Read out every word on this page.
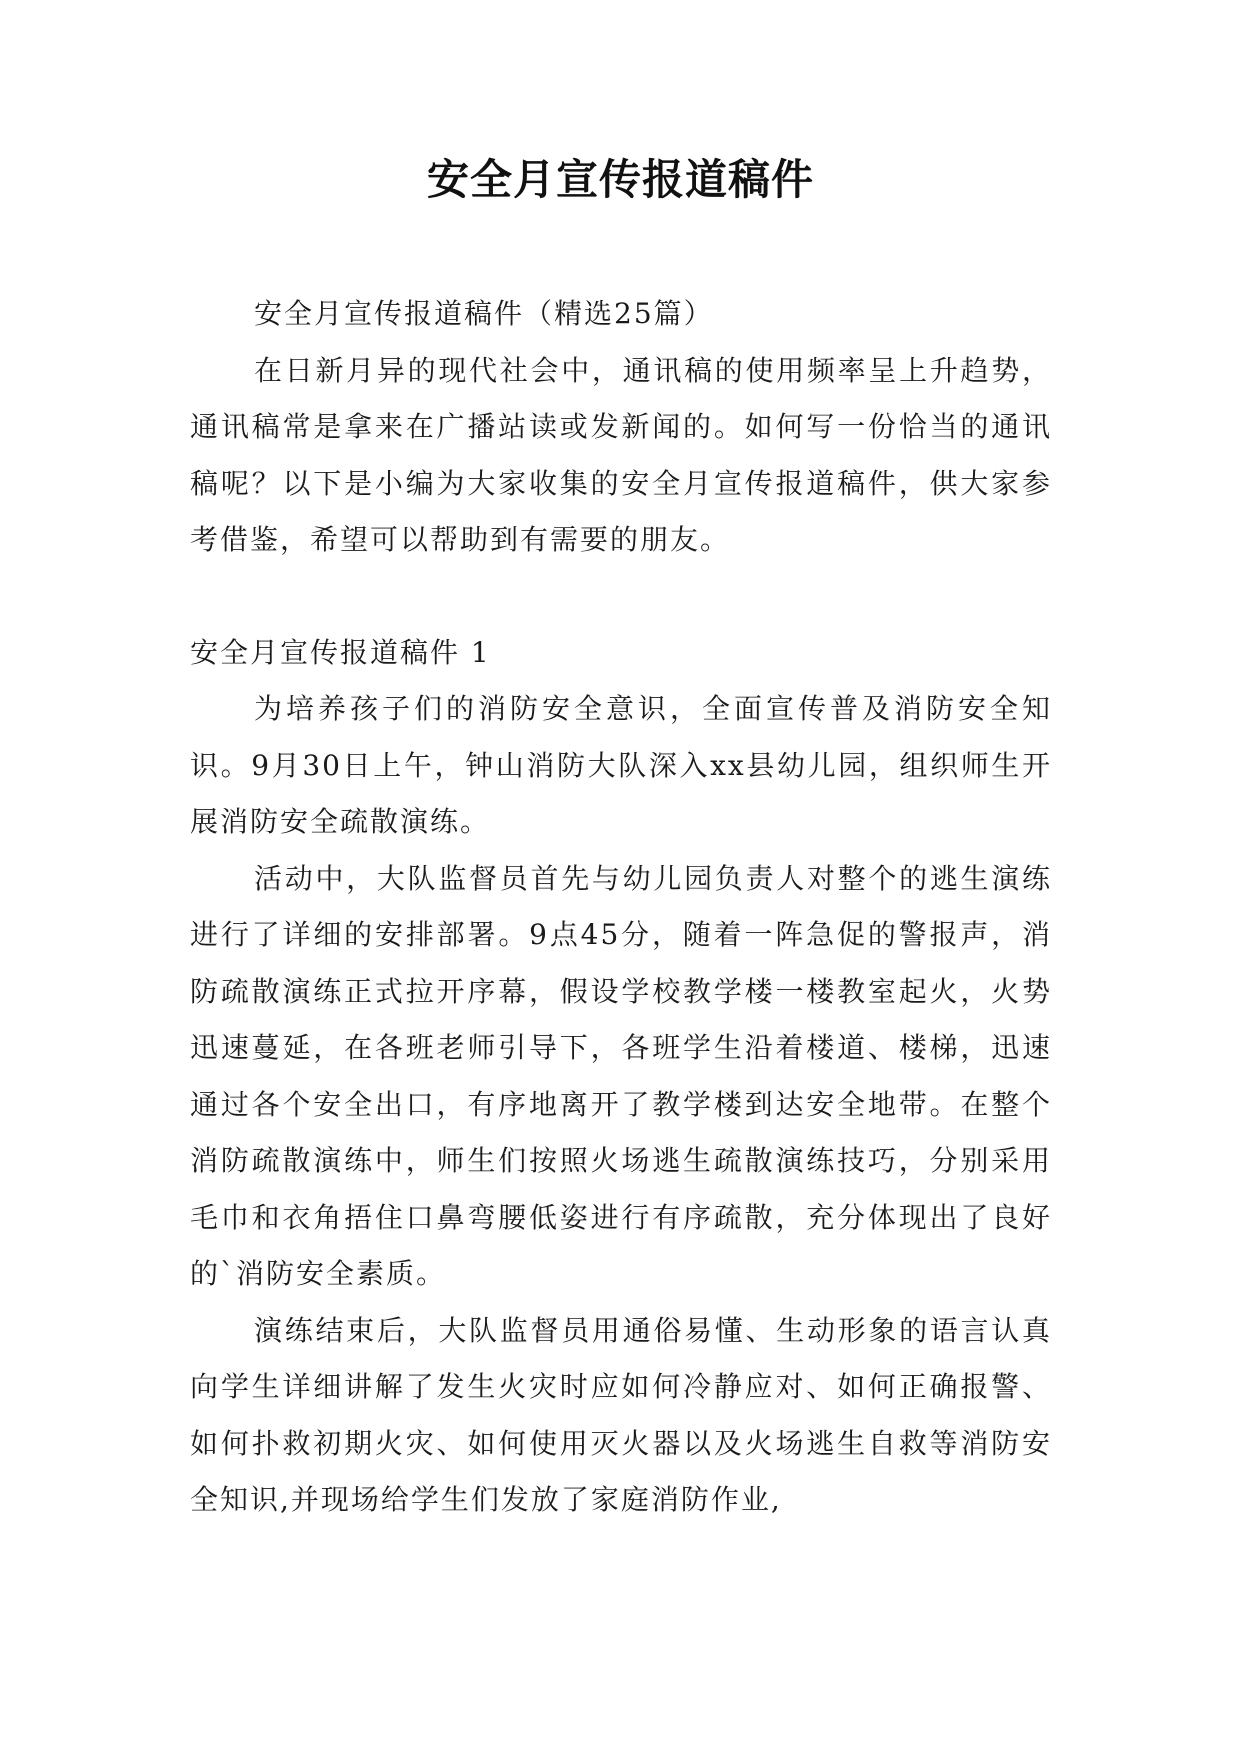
安全月宣传报道稿件

安全月宣传报道稿件（精选25篇）

在日新月异的现代社会中，通讯稿的使用频率呈上升趋势，通讯稿常是拿来在广播站读或发新闻的。如何写一份恰当的通讯稿呢？以下是小编为大家收集的安全月宣传报道稿件，供大家参考借鉴，希望可以帮助到有需要的朋友。

安全月宣传报道稿件 1

为培养孩子们的消防安全意识，全面宣传普及消防安全知识。9月30日上午，钟山消防大队深入xx县幼儿园，组织师生开展消防安全疏散演练。

活动中，大队监督员首先与幼儿园负责人对整个的逃生演练进行了详细的安排部署。9点45分，随着一阵急促的警报声，消防疏散演练正式拉开序幕，假设学校教学楼一楼教室起火，火势迅速蔓延，在各班老师引导下，各班学生沿着楼道、楼梯，迅速通过各个安全出口，有序地离开了教学楼到达安全地带。在整个消防疏散演练中，师生们按照火场逃生疏散演练技巧，分别采用毛巾和衣角捂住口鼻弯腰低姿进行有序疏散，充分体现出了良好的`消防安全素质。

演练结束后，大队监督员用通俗易懂、生动形象的语言认真向学生详细讲解了发生火灾时应如何冷静应对、如何正确报警、如何扑救初期火灾、如何使用灭火器以及火场逃生自救等消防安全知识,并现场给学生们发放了家庭消防作业,
